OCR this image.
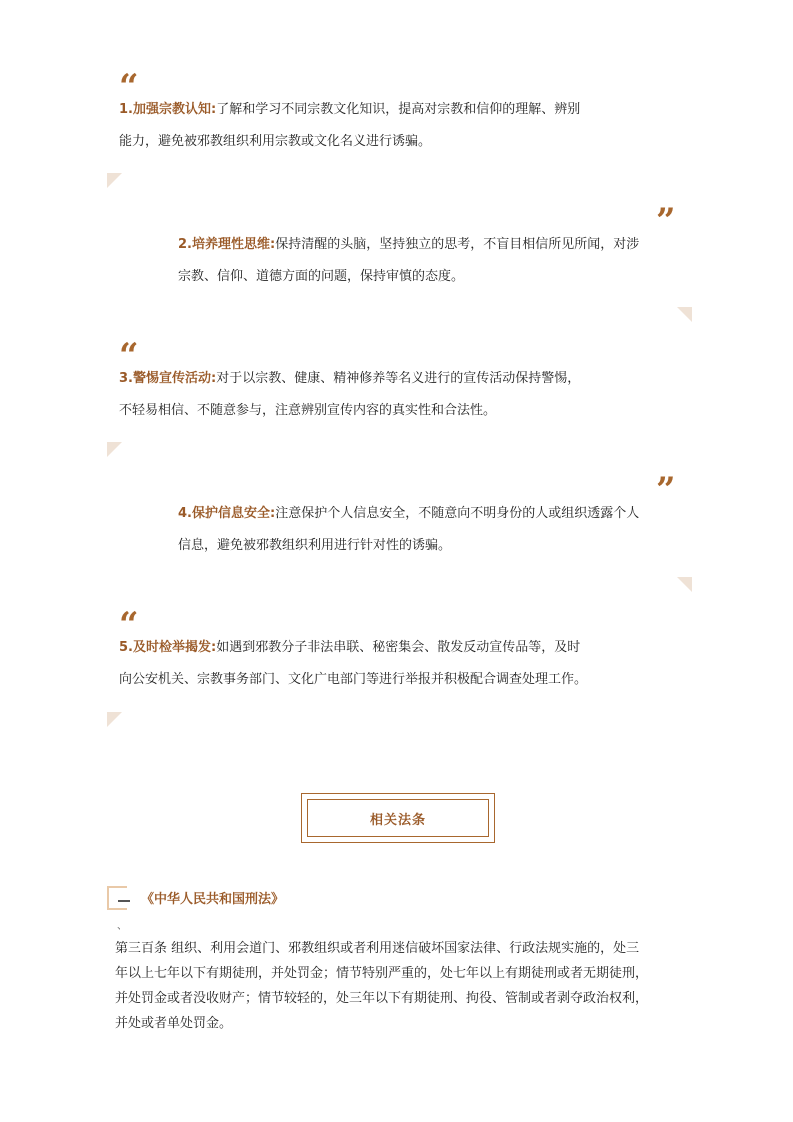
“
1.加强宗教认知:了解和学习不同宗教文化知识，提高对宗教和信仰的理解、辨别
能力，避免被邪教组织利用宗教或文化名义进行诱骗。
”
2.培养理性思维:保持清醒的头脑，坚持独立的思考，不盲目相信所见所闻，对涉
宗教、信仰、道德方面的问题，保持审慎的态度。
“
3.警惕宣传活动:对于以宗教、健康、精神修养等名义进行的宣传活动保持警惕，
不轻易相信、不随意参与，注意辨别宣传内容的真实性和合法性。
”
4.保护信息安全:注意保护个人信息安全，不随意向不明身份的人或组织透露个人
信息，避免被邪教组织利用进行针对性的诱骗。
“
5.及时检举揭发:如遇到邪教分子非法串联、秘密集会、散发反动宣传品等，及时
向公安机关、宗教事务部门、文化广电部门等进行举报并积极配合调查处理工作。
相关法条
《中华人民共和国刑法》
、
第三百条 组织、利用会道门、邪教组织或者利用迷信破坏国家法律、行政法规实施的，处三
年以上七年以下有期徒刑，并处罚金；情节特别严重的，处七年以上有期徒刑或者无期徒刑，
并处罚金或者没收财产；情节较轻的，处三年以下有期徒刑、拘役、管制或者剥夺政治权利，
并处或者单处罚金。
